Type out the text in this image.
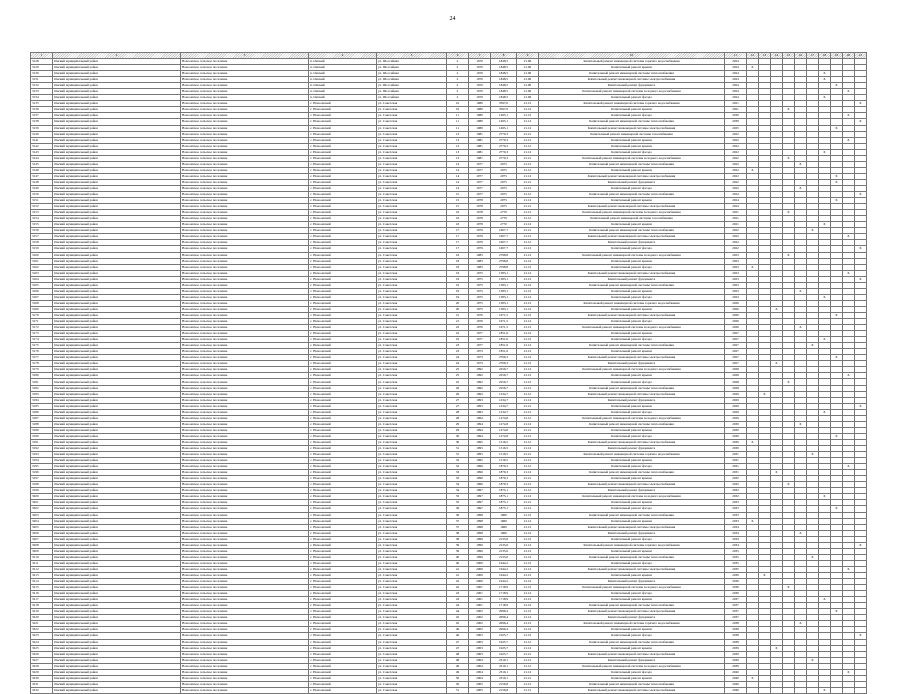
24
1	2	3	4	5	6	7	8	9	10	11	12	13	14	15	16	17	18	19	20	21
3128	Омский муниципальный район	Новоомское сельское поселение	п. Омский	ул. Шоссейная	2	1970	1848,5	21.06	Капитальный ремонт инженерной системы горячего водоснабжения	2024										
3129	Омский муниципальный район	Новоомское сельское поселение	п. Омский	ул. Шоссейная	2	1970	1848,5	21.06	Капитальный ремонт крыши	2024	X									
3130	Омский муниципальный район	Новоомское сельское поселение	п. Омский	ул. Шоссейная	2	1970	1848,5	21.06	Капитальный ремонт инженерной системы теплоснабжения	2024							X			
3131	Омский муниципальный район	Новоомское сельское поселение	п. Омский	ул. Шоссейная	2	1970	1848,5	21.06	Капитальный ремонт инженерной системы электроснабжения	2024							X			
3132	Омский муниципальный район	Новоомское сельское поселение	п. Омский	ул. Шоссейная	2	1970	1848,5	21.06	Капитальный ремонт фундамента	2024								X		
3133	Омский муниципальный район	Новоомское сельское поселение	п. Омский	ул. Шоссейная	2	1970	1848,5	21.06	Капитальный ремонт инженерной системы холодного водоснабжения	2024									X	
3134	Омский муниципальный район	Новоомское сельское поселение	п. Омский	ул. Шоссейная	2	1970	1848,5	21.06	Капитальный ремонт фасада	2024							X			
3135	Омский муниципальный район	Новоомское сельское поселение	с. Новоомский	ул. Советская	10	1980	3597,6	21.12	Капитальный ремонт инженерной системы горячего водоснабжения	2021										X
3136	Омский муниципальный район	Новоомское сельское поселение	с. Новоомский	ул. Советская	10	1980	3597,6	21.12	Капитальный ремонт крыши	2021				X						
3137	Омский муниципальный район	Новоомское сельское поселение	с. Новоомский	ул. Советская	11	1980	1495,1	21.12	Капитальный ремонт фасада	2030									X	
3138	Омский муниципальный район	Новоомское сельское поселение	с. Новоомский	ул. Советская	11	1980	1495,1	21.12	Капитальный ремонт инженерной системы теплоснабжения	2030										X
3139	Омский муниципальный район	Новоомское сельское поселение	с. Новоомский	ул. Советская	11	1980	1495,1	21.12	Капитальный ремонт инженерной системы электроснабжения	2025								X		
3140	Омский муниципальный район	Новоомское сельское поселение	с. Новоомский	ул. Советская	13	1981	2770,3	21.12	Капитальный ремонт инженерной системы газоснабжения	2022										
3141	Омский муниципальный район	Новоомское сельское поселение	с. Новоомский	ул. Советская	13	1981	2770,3	21.12	Капитальный ремонт крыши	2022									X	
3142	Омский муниципальный район	Новоомское сельское поселение	с. Новоомский	ул. Советская	13	1981	2770,3	21.12	Капитальный ремонт крыши	2022										
3143	Омский муниципальный район	Новоомское сельское поселение	с. Новоомский	ул. Советская	13	1981	2770,3	21.12	Капитальный ремонт фасада	2022							X			
3144	Омский муниципальный район	Новоомское сельское поселение	с. Новоомский	ул. Советская	13	1981	2770,3	21.12	Капитальный ремонт инженерной системы холодного водоснабжения	2022				X						
3145	Омский муниципальный район	Новоомское сельское поселение	с. Новоомский	ул. Советская	14	1977	2075	21.12	Капитальный ремонт инженерной системы теплоснабжения	2022					X					
3146	Омский муниципальный район	Новоомское сельское поселение	с. Новоомский	ул. Советская	14	1977	2075	21.12	Капитальный ремонт крыши	2022	X									
3147	Омский муниципальный район	Новоомское сельское поселение	с. Новоомский	ул. Советская	14	1977	2075	21.12	Капитальный ремонт инженерной системы электроснабжения	2022								X		
3148	Омский муниципальный район	Новоомское сельское поселение	с. Новоомский	ул. Советская	14	1977	2075	21.12	Капитальный ремонт фундамента	2022								X		
3149	Омский муниципальный район	Новоомское сельское поселение	с. Новоомский	ул. Советская	14	1977	2075	21.12	Капитальный ремонт фасада	2022					X					
3150	Омский муниципальный район	Новоомское сельское поселение	с. Новоомский	ул. Советская	15	1977	2075	21.12	Капитальный ремонт инженерной системы теплоснабжения	2024										X
3151	Омский муниципальный район	Новоомское сельское поселение	с. Новоомский	ул. Советская	15	1978	2075	21.12	Капитальный ремонт крыши	2024								X		
3152	Омский муниципальный район	Новоомское сельское поселение	с. Новоомский	ул. Советская	15	1978	2075	21.12	Капитальный ремонт инженерной системы электроснабжения	2024										
3153	Омский муниципальный район	Новоомское сельское поселение	с. Новоомский	ул. Советская	16	1978	2770	21.12	Капитальный ремонт инженерной системы холодного водоснабжения	2021				X						
3154	Омский муниципальный район	Новоомское сельское поселение	с. Новоомский	ул. Советская	16	1978	2770	21.12	Капитальный ремонт инженерной системы газоснабжения	2021										
3155	Омский муниципальный район	Новоомское сельское поселение	с. Новоомский	ул. Советская	16	1978	2770	21.12	Капитальный ремонт крыши	2021							X			
3156	Омский муниципальный район	Новоомское сельское поселение	с. Новоомский	ул. Советская	17	1979	1607,7	21.12	Капитальный ремонт инженерной системы теплоснабжения	2022						X				
3157	Омский муниципальный район	Новоомское сельское поселение	с. Новоомский	ул. Советская	17	1979	1607,7	21.12	Капитальный ремонт инженерной системы электроснабжения	2022									X	
3158	Омский муниципальный район	Новоомское сельское поселение	с. Новоомский	ул. Советская	17	1979	1607,7	21.12	Капитальный ремонт фундамента	2022										
3159	Омский муниципальный район	Новоомское сельское поселение	с. Новоомский	ул. Советская	17	1979	1607,7	21.12	Капитальный ремонт фасада	2022										X
3160	Омский муниципальный район	Новоомское сельское поселение	с. Новоомский	ул. Советская	18	1983	2798,8	21.12	Капитальный ремонт инженерной системы холодного водоснабжения	2023				X						
3161	Омский муниципальный район	Новоомское сельское поселение	с. Новоомский	ул. Советская	18	1983	2798,8	21.12	Капитальный ремонт крыши	2023										
3162	Омский муниципальный район	Новоомское сельское поселение	с. Новоомский	ул. Советская	18	1983	2798,8	21.12	Капитальный ремонт фасада	2023	X									
3163	Омский муниципальный район	Новоомское сельское поселение	с. Новоомский	ул. Советская	19	1975	1383,1	21.12	Капитальный ремонт инженерной системы электроснабжения	2023									X	
3164	Омский муниципальный район	Новоомское сельское поселение	с. Новоомский	ул. Советская	19	1975	1383,1	21.12	Капитальный ремонт фундамента	2023										X
3165	Омский муниципальный район	Новоомское сельское поселение	с. Новоомский	ул. Советская	19	1975	1383,1	21.12	Капитальный ремонт инженерной системы теплоснабжения	2023										
3166	Омский муниципальный район	Новоомское сельское поселение	с. Новоомский	ул. Советская	19	1975	1383,1	21.12	Капитальный ремонт крыши	2023					X					
3167	Омский муниципальный район	Новоомское сельское поселение	с. Новоомский	ул. Советская	19	1975	1383,1	21.12	Капитальный ремонт фасада	2023							X			
3168	Омский муниципальный район	Новоомское сельское поселение	с. Новоомский	ул. Советская	20	1975	1383,1	21.12	Капитальный ремонт инженерной системы горячего водоснабжения	2026										
3169	Омский муниципальный район	Новоомское сельское поселение	с. Новоомский	ул. Советская	20	1975	1383,1	21.12	Капитальный ремонт крыши	2026			X							
3170	Омский муниципальный район	Новоомское сельское поселение	с. Новоомский	ул. Советская	21	1976	1671,5	21.12	Капитальный ремонт инженерной системы электроснабжения	2026								X		
3171	Омский муниципальный район	Новоомское сельское поселение	с. Новоомский	ул. Советская	21	1976	1671,5	21.12	Капитальный ремонт фасада	2026										
3172	Омский муниципальный район	Новоомское сельское поселение	с. Новоомский	ул. Советская	22	1976	1671,5	21.12	Капитальный ремонт инженерной системы холодного водоснабжения	2026					X					
3173	Омский муниципальный район	Новоомское сельское поселение	с. Новоомский	ул. Советская	22	1977	1851,6	21.12	Капитальный ремонт крыши	2027										
3174	Омский муниципальный район	Новоомское сельское поселение	с. Новоомский	ул. Советская	22	1977	1851,6	21.12	Капитальный ремонт фасада	2027							X			
3175	Омский муниципальный район	Новоомское сельское поселение	с. Новоомский	ул. Советская	23	1977	1851,6	21.12	Капитальный ремонт инженерной системы теплоснабжения	2027						X				
3176	Омский муниципальный район	Новоомское сельское поселение	с. Новоомский	ул. Советская	23	1973	1851,6	21.12	Капитальный ремонт крыши	2027										
3177	Омский муниципальный район	Новоомское сельское поселение	с. Новоомский	ул. Советская	24	1973	2706,3	21.12	Капитальный ремонт инженерной системы электроснабжения	2027								X		
3178	Омский муниципальный район	Новоомское сельское поселение	с. Новоомский	ул. Советская	24	1973	2706,3	21.12	Капитальный ремонт фундамента	2027			X							
3179	Омский муниципальный район	Новоомское сельское поселение	с. Новоомский	ул. Советская	25	1992	2256,7	21.12	Капитальный ремонт инженерной системы холодного водоснабжения	2028										
3180	Омский муниципальный район	Новоомское сельское поселение	с. Новоомский	ул. Советская	25	1992	2256,7	21.12	Капитальный ремонт крыши	2028									X	
3181	Омский муниципальный район	Новоомское сельское поселение	с. Новоомский	ул. Советская	25	1992	2256,7	21.12	Капитальный ремонт фасада	2028				X						
3182	Омский муниципальный район	Новоомское сельское поселение	с. Новоомский	ул. Советская	26	1992	2256,7	21.12	Капитальный ремонт инженерной системы теплоснабжения	2028										
3183	Омский муниципальный район	Новоомское сельское поселение	с. Новоомский	ул. Советская	26	1993	1234,7	21.12	Капитальный ремонт инженерной системы электроснабжения	2029		X								
3184	Омский муниципальный район	Новоомское сельское поселение	с. Новоомский	ул. Советская	27	1993	1234,7	21.12	Капитальный ремонт фундамента	2029										
3185	Омский муниципальный район	Новоомское сельское поселение	с. Новоомский	ул. Советская	27	1993	1234,7	21.12	Капитальный ремонт крыши	2029										X
3186	Омский муниципальный район	Новоомское сельское поселение	с. Новоомский	ул. Советская	28	1993	1234,7	21.12	Капитальный ремонт фасада	2029							X			
3187	Омский муниципальный район	Новоомское сельское поселение	с. Новоомский	ул. Советская	28	1994	1274,8	21.12	Капитальный ремонт инженерной системы холодного водоснабжения	2029										
3188	Омский муниципальный район	Новоомское сельское поселение	с. Новоомский	ул. Советская	29	1994	1274,8	21.12	Капитальный ремонт инженерной системы теплоснабжения	2030					X					
3189	Омский муниципальный район	Новоомское сельское поселение	с. Новоомский	ул. Советская	29	1994	1274,8	21.12	Капитальный ремонт крыши	2030										
3190	Омский муниципальный район	Новоомское сельское поселение	с. Новоомский	ул. Советская	30	1994	1274,8	21.12	Капитальный ремонт фасада	2030								X		
3191	Омский муниципальный район	Новоомское сельское поселение	с. Новоомский	ул. Советская	30	1995	1516,5	21.12	Капитальный ремонт инженерной системы электроснабжения	2030	X									
3192	Омский муниципальный район	Новоомское сельское поселение	с. Новоомский	ул. Советская	31	1995	1516,5	21.12	Капитальный ремонт фундамента	2030										
3193	Омский муниципальный район	Новоомское сельское поселение	с. Новоомский	ул. Советская	31	1995	1516,5	21.12	Капитальный ремонт инженерной системы горячего водоснабжения	2031						X				
3194	Омский муниципальный район	Новоомское сельское поселение	с. Новоомский	ул. Советская	32	1995	1516,5	21.12	Капитальный ремонт крыши	2031										
3195	Омский муниципальный район	Новоомское сельское поселение	с. Новоомский	ул. Советская	32	1996	1879,3	21.12	Капитальный ремонт фасада	2031									X	
3196	Омский муниципальный район	Новоомское сельское поселение	с. Новоомский	ул. Советская	33	1996	1879,3	21.12	Капитальный ремонт инженерной системы теплоснабжения	2031			X							
3197	Омский муниципальный район	Новоомское сельское поселение	с. Новоомский	ул. Советская	33	1996	1879,3	21.12	Капитальный ремонт крыши	2032										
3198	Омский муниципальный район	Новоомское сельское поселение	с. Новоомский	ул. Советская	34	1996	1879,3	21.12	Капитальный ремонт инженерной системы электроснабжения	2032				X						
3199	Омский муниципальный район	Новоомское сельское поселение	с. Новоомский	ул. Советская	34	1997	1875,1	21.12	Капитальный ремонт фундамента	2032										
3200	Омский муниципальный район	Новоомское сельское поселение	с. Новоомский	ул. Советская	35	1997	1875,1	21.12	Капитальный ремонт инженерной системы холодного водоснабжения	2032							X			
3201	Омский муниципальный район	Новоомское сельское поселение	с. Новоомский	ул. Советская	35	1997	1875,1	21.12	Капитальный ремонт крыши	2033										
3202	Омский муниципальный район	Новоомское сельское поселение	с. Новоомский	ул. Советская	36	1997	1875,1	21.12	Капитальный ремонт фасада	2033								X		
3203	Омский муниципальный район	Новоомское сельское поселение	с. Новоомский	ул. Советская	36	1998	1660	21.12	Капитальный ремонт инженерной системы теплоснабжения	2033										
3204	Омский муниципальный район	Новоомское сельское поселение	с. Новоомский	ул. Советская	37	1998	1660	21.12	Капитальный ремонт крыши	2033	X									
3205	Омский муниципальный район	Новоомское сельское поселение	с. Новоомский	ул. Советская	37	1998	1660	21.12	Капитальный ремонт инженерной системы электроснабжения	2034										
3206	Омский муниципальный район	Новоомское сельское поселение	с. Новоомский	ул. Советская	38	1998	1660	21.12	Капитальный ремонт фундамента	2034					X					
3207	Омский муниципальный район	Новоомское сельское поселение	с. Новоомский	ул. Советская	38	1999	2135,6	21.12	Капитальный ремонт фасада	2034										
3208	Омский муниципальный район	Новоомское сельское поселение	с. Новоомский	ул. Советская	39	1999	2135,6	21.12	Капитальный ремонт инженерной системы горячего водоснабжения	2034										X
3209	Омский муниципальный район	Новоомское сельское поселение	с. Новоомский	ул. Советская	39	1999	2135,6	21.12	Капитальный ремонт крыши	2035										
3210	Омский муниципальный район	Новоомское сельское поселение	с. Новоомский	ул. Советская	40	1999	2135,6	21.12	Капитальный ремонт инженерной системы теплоснабжения	2035						X				
3211	Омский муниципальный район	Новоомское сельское поселение	с. Новоомский	ул. Советская	40	2000	1944,2	21.12	Капитальный ремонт фасада	2035										
3212	Омский муниципальный район	Новоомское сельское поселение	с. Новоомский	ул. Советская	41	2000	1944,2	21.12	Капитальный ремонт инженерной системы электроснабжения	2035									X	
3213	Омский муниципальный район	Новоомское сельское поселение	с. Новоомский	ул. Советская	41	2000	1944,2	21.12	Капитальный ремонт крыши	2036		X								
3214	Омский муниципальный район	Новоомское сельское поселение	с. Новоомский	ул. Советская	42	2000	1944,2	21.12	Капитальный ремонт фундамента	2036										
3215	Омский муниципальный район	Новоомское сельское поселение	с. Новоомский	ул. Советская	42	2001	1718,9	21.12	Капитальный ремонт инженерной системы холодного водоснабжения	2036				X						
3216	Омский муниципальный район	Новоомское сельское поселение	с. Новоомский	ул. Советская	43	2001	1718,9	21.12	Капитальный ремонт фасада	2036										
3217	Омский муниципальный район	Новоомское сельское поселение	с. Новоомский	ул. Советская	43	2001	1718,9	21.12	Капитальный ремонт крыши	2037							X			
3218	Омский муниципальный район	Новоомское сельское поселение	с. Новоомский	ул. Советская	44	2001	1718,9	21.12	Капитальный ремонт инженерной системы теплоснабжения	2037										
3219	Омский муниципальный район	Новоомское сельское поселение	с. Новоомский	ул. Советская	44	2002	2096,4	21.12	Капитальный ремонт инженерной системы электроснабжения	2037								X		
3220	Омский муниципальный район	Новоомское сельское поселение	с. Новоомский	ул. Советская	45	2002	2096,4	21.12	Капитальный ремонт фундамента	2037										
3221	Омский муниципальный район	Новоомское сельское поселение	с. Новоомский	ул. Советская	45	2002	2096,4	21.12	Капитальный ремонт инженерной системы горячего водоснабжения	2038					X					
3222	Омский муниципальный район	Новоомское сельское поселение	с. Новоомский	ул. Советская	46	2002	2096,4	21.12	Капитальный ремонт крыши	2038										
3223	Омский муниципальный район	Новоомское сельское поселение	с. Новоомский	ул. Советская	46	2003	1925,7	21.12	Капитальный ремонт фасада	2038										X
3224	Омский муниципальный район	Новоомское сельское поселение	с. Новоомский	ул. Советская	47	2003	1925,7	21.12	Капитальный ремонт инженерной системы теплоснабжения	2038										
3225	Омский муниципальный район	Новоомское сельское поселение	с. Новоомский	ул. Советская	47	2003	1925,7	21.12	Капитальный ремонт крыши	2039			X							
3226	Омский муниципальный район	Новоомское сельское поселение	с. Новоомский	ул. Советская	48	2003	1925,7	21.12	Капитальный ремонт инженерной системы электроснабжения	2039										
3227	Омский муниципальный район	Новоомское сельское поселение	с. Новоомский	ул. Советская	48	2004	2319,1	21.12	Капитальный ремонт фундамента	2039						X				
3228	Омский муниципальный район	Новоомское сельское поселение	с. Новоомский	ул. Советская	49	2004	2319,1	21.12	Капитальный ремонт инженерной системы холодного водоснабжения	2039										
3229	Омский муниципальный район	Новоомское сельское поселение	с. Новоомский	ул. Советская	49	2004	2319,1	21.12	Капитальный ремонт фасада	2040									X	
3230	Омский муниципальный район	Новоомское сельское поселение	с. Новоомский	ул. Советская	50	2004	2319,1	21.12	Капитальный ремонт крыши	2040	X									
3231	Омский муниципальный район	Новоомское сельское поселение	с. Новоомский	ул. Советская	50	2005	2156,8	21.12	Капитальный ремонт инженерной системы теплоснабжения	2040										
3232	Омский муниципальный район	Новоомское сельское поселение	с. Новоомский	ул. Советская	51	2005	2156,8	21.12	Капитальный ремонт инженерной системы электроснабжения	2040							X			
